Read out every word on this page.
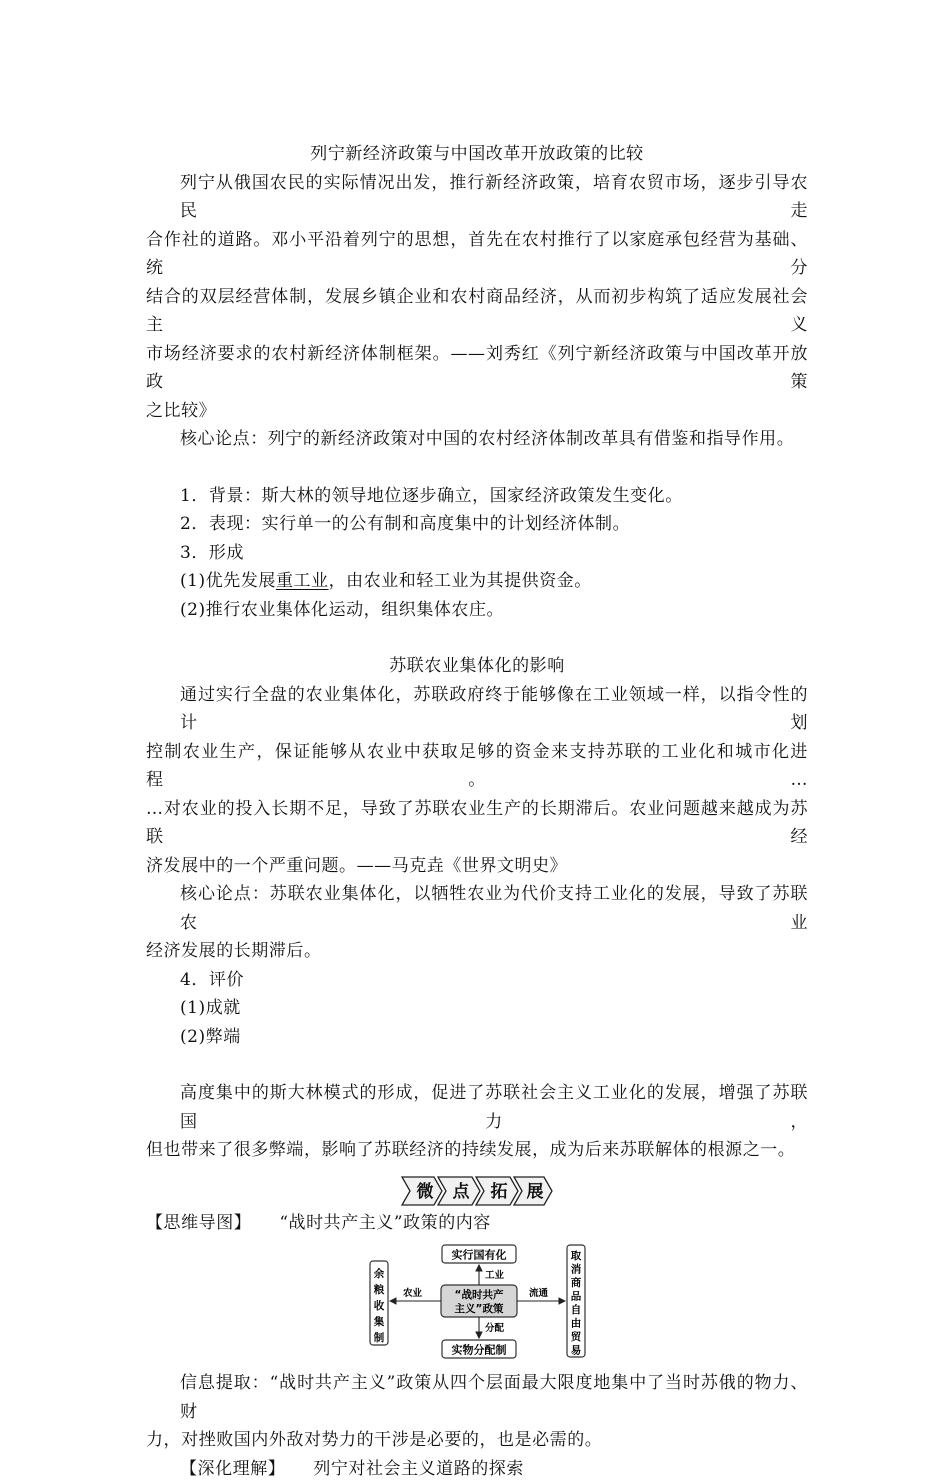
列宁新经济政策与中国改革开放政策的比较
列宁从俄国农民的实际情况出发，推行新经济政策，培育农贸市场，逐步引导农民走
合作社的道路。邓小平沿着列宁的思想，首先在农村推行了以家庭承包经营为基础、统分
结合的双层经营体制，发展乡镇企业和农村商品经济，从而初步构筑了适应发展社会主义
市场经济要求的农村新经济体制框架。——刘秀红《列宁新经济政策与中国改革开放政策
之比较》
核心论点：列宁的新经济政策对中国的农村经济体制改革具有借鉴和指导作用。
1．背景：斯大林的领导地位逐步确立，国家经济政策发生变化。
2．表现：实行单一的公有制和高度集中的计划经济体制。
3．形成
(1)优先发展重工业，由农业和轻工业为其提供资金。
(2)推行农业集体化运动，组织集体农庄。
苏联农业集体化的影响
通过实行全盘的农业集体化，苏联政府终于能够像在工业领域一样，以指令性的计划
控制农业生产，保证能够从农业中获取足够的资金来支持苏联的工业化和城市化进程。…
…对农业的投入长期不足，导致了苏联农业生产的长期滞后。农业问题越来越成为苏联经
济发展中的一个严重问题。——马克垚《世界文明史》
核心论点：苏联农业集体化，以牺牲农业为代价支持工业化的发展，导致了苏联农业
经济发展的长期滞后。
4．评价
(1)成就
(2)弊端
高度集中的斯大林模式的形成，促进了苏联社会主义工业化的发展，增强了苏联国力，
但也带来了很多弊端，影响了苏联经济的持续发展，成为后来苏联解体的根源之一。
微 点 拓 展
【思维导图】 “战时共产主义”政策的内容
“战时共产
主义”政策
实行国有化
工业
实物分配制
分配
余
粮
收
集
制
农业
取
消
商
品
自
由
贸
易
流通
信息提取：“战时共产主义”政策从四个层面最大限度地集中了当时苏俄的物力、财
力，对挫败国内外敌对势力的干涉是必要的，也是必需的。
【深化理解】 列宁对社会主义道路的探索
